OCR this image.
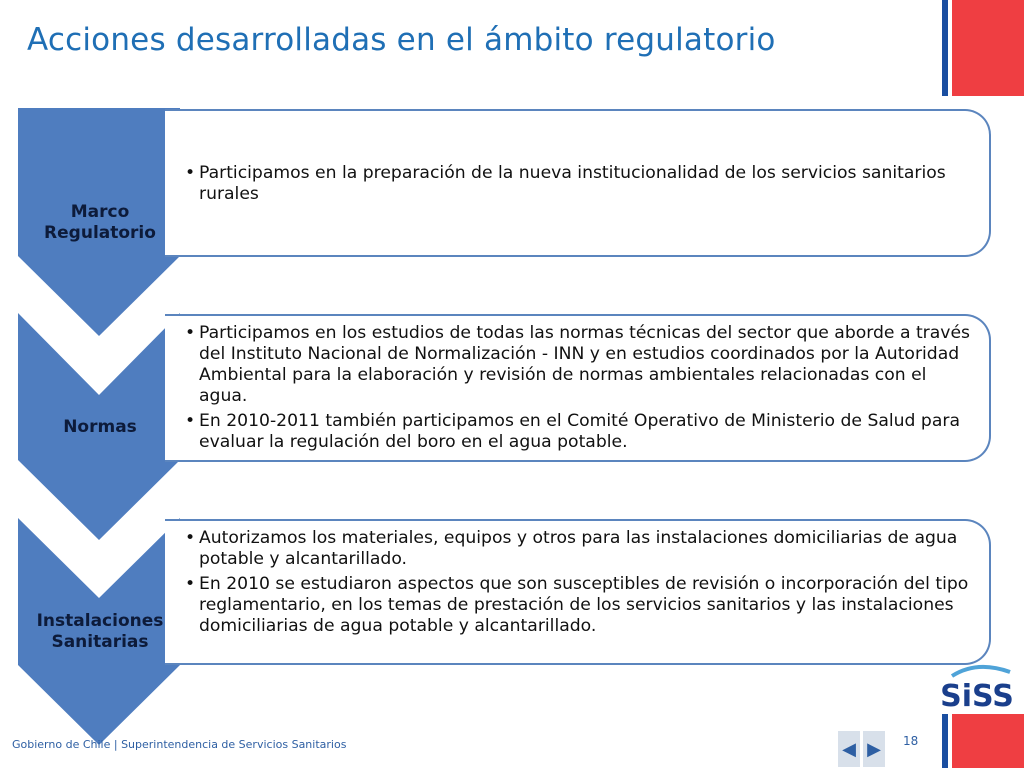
Acciones desarrolladas en el ámbito regulatorio
• Participamos en la preparación de la nueva institucionalidad de los servicios sanitarios rurales
Marco
Regulatorio
• Participamos en los estudios de todas las normas técnicas del sector que aborde a través del Instituto Nacional de Normalización - INN y en estudios coordinados por la Autoridad Ambiental para la elaboración y revisión de normas ambientales relacionadas con el agua.
• En 2010-2011 también participamos en el Comité Operativo de Ministerio de Salud para evaluar la regulación del boro en el agua potable.
Normas
• Autorizamos los materiales, equipos y otros para las instalaciones domiciliarias de agua potable y alcantarillado.
• En 2010 se estudiaron aspectos que son susceptibles de revisión o incorporación del tipo reglamentario, en los temas de prestación de los servicios sanitarios y las instalaciones domiciliarias de agua potable y alcantarillado.
Instalaciones
Sanitarias
SiSS
Gobierno de Chile | Superintendencia de Servicios Sanitarios	◀ ▶ 18
